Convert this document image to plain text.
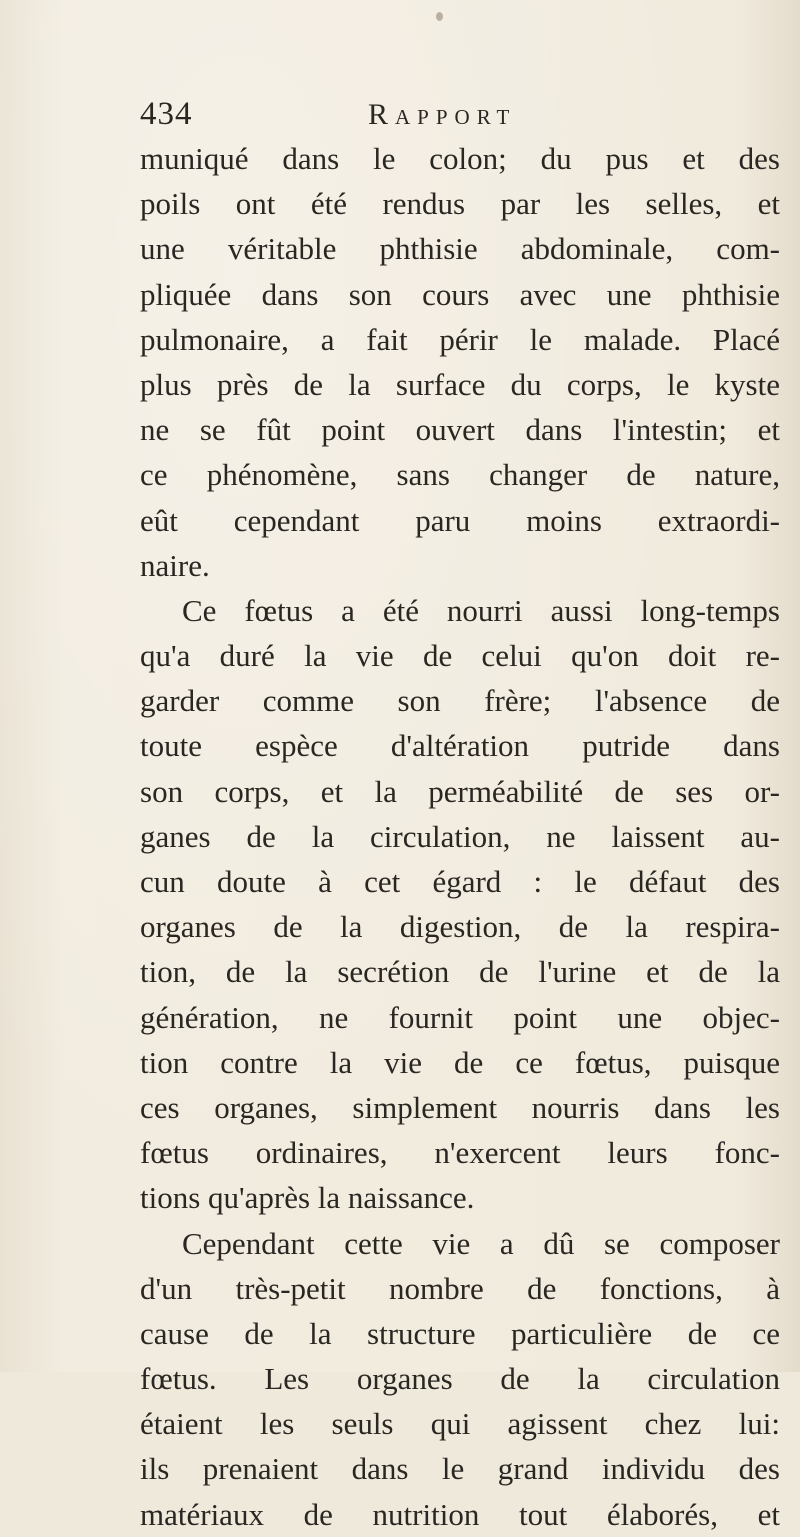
434	Rapport
muniqué dans le colon; du pus et des
poils ont été rendus par les selles, et
une véritable phthisie abdominale, com-
pliquée dans son cours avec une phthisie
pulmonaire, a fait périr le malade. Placé
plus près de la surface du corps, le kyste
ne se fût point ouvert dans l'intestin; et
ce phénomène, sans changer de nature,
eût cependant paru moins extraordi-
naire.
Ce fœtus a été nourri aussi long-temps
qu'a duré la vie de celui qu'on doit re-
garder comme son frère; l'absence de
toute espèce d'altération putride dans
son corps, et la perméabilité de ses or-
ganes de la circulation, ne laissent au-
cun doute à cet égard : le défaut des
organes de la digestion, de la respira-
tion, de la secrétion de l'urine et de la
génération, ne fournit point une objec-
tion contre la vie de ce fœtus, puisque
ces organes, simplement nourris dans les
fœtus ordinaires, n'exercent leurs fonc-
tions qu'après la naissance.
Cependant cette vie a dû se composer
d'un très-petit nombre de fonctions, à
cause de la structure particulière de ce
fœtus. Les organes de la circulation
étaient les seuls qui agissent chez lui:
ils prenaient dans le grand individu des
matériaux de nutrition tout élaborés, et
